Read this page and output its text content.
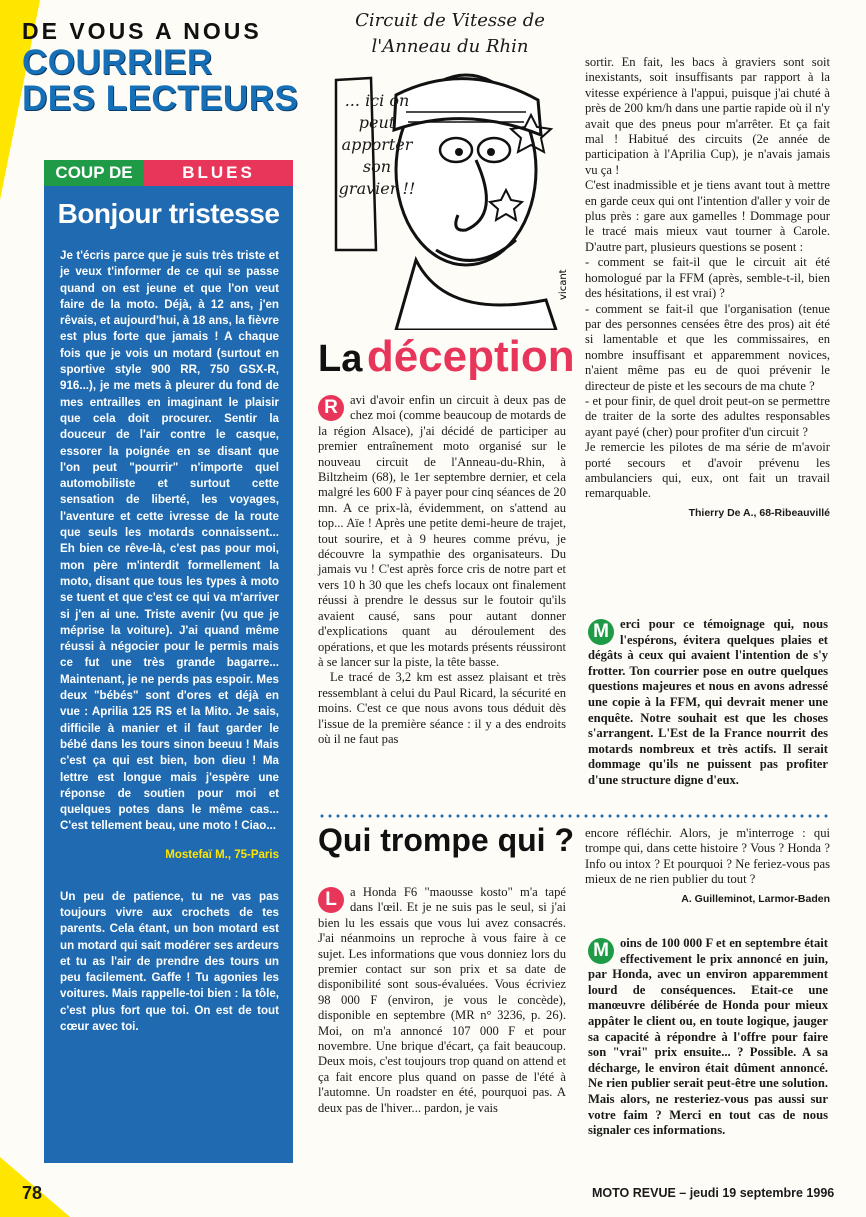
DE VOUS A NOUS
COURRIER
DES LECTEURS
COUP DE	BLUES
Bonjour tristesse
Je t'écris parce que je suis très triste et je veux t'informer de ce qui se passe quand on est jeune et que l'on veut faire de la moto. Déjà, à 12 ans, j'en rêvais, et aujourd'hui, à 18 ans, la fièvre est plus forte que jamais ! A chaque fois que je vois un motard (surtout en sportive style 900 RR, 750 GSX-R, 916...), je me mets à pleurer du fond de mes entrailles en imaginant le plaisir que cela doit procurer. Sentir la douceur de l'air contre le casque, essorer la poignée en se disant que l'on peut "pourrir" n'importe quel automobiliste et surtout cette sensation de liberté, les voyages, l'aventure et cette ivresse de la route que seuls les motards connaissent... Eh bien ce rêve-là, c'est pas pour moi, mon père m'interdit formellement la moto, disant que tous les types à moto se tuent et que c'est ce qui va m'arriver si j'en ai une. Triste avenir (vu que je méprise la voiture). J'ai quand même réussi à négocier pour le permis mais ce fut une très grande bagarre... Maintenant, je ne perds pas espoir. Mes deux "bébés" sont d'ores et déjà en vue : Aprilia 125 RS et la Mito. Je sais, difficile à manier et il faut garder le bébé dans les tours sinon beeuu ! Mais c'est ça qui est bien, bon dieu ! Ma lettre est longue mais j'espère une réponse de soutien pour moi et quelques potes dans le même cas... C'est tellement beau, une moto ! Ciao...
Mostefaï M., 75-Paris
Un peu de patience, tu ne vas pas toujours vivre aux crochets de tes parents. Cela étant, un bon motard est un motard qui sait modérer ses ardeurs et tu as l'air de prendre des tours un peu facilement. Gaffe ! Tu agonies les voitures. Mais rappelle-toi bien : la tôle, c'est plus fort que toi. On est de tout cœur avec toi.
vicant
Circuit de Vitesse de l'Anneau du Rhin
... ici on peut apporter son gravier !!
La déception
R avi d'avoir enfin un circuit à deux pas de chez moi (comme beaucoup de motards de la région Alsace), j'ai décidé de participer au premier entraînement moto organisé sur le nouveau circuit de l'Anneau-du-Rhin, à Biltzheim (68), le 1er septembre dernier, et cela malgré les 600 F à payer pour cinq séances de 20 mn. A ce prix-là, évidemment, on s'attend au top... Aïe ! Après une petite demi-heure de trajet, tout sourire, et à 9 heures comme prévu, je découvre la sympathie des organisateurs. Du jamais vu ! C'est après force cris de notre part et vers 10 h 30 que les chefs locaux ont finalement réussi à prendre le dessus sur le foutoir qu'ils avaient causé, sans pour autant donner d'explications quant au déroulement des opérations, et que les motards présents réussiront à se lancer sur la piste, la tête basse.
Le tracé de 3,2 km est assez plaisant et très ressemblant à celui du Paul Ricard, la sécurité en moins. C'est ce que nous avons tous déduit dès l'issue de la première séance : il y a des endroits où il ne faut pas
sortir. En fait, les bacs à graviers sont soit inexistants, soit insuffisants par rapport à la vitesse expérience à l'appui, puisque j'ai chuté à près de 200 km/h dans une partie rapide où il n'y avait que des pneus pour m'arrêter. Et ça fait mal ! Habitué des circuits (2e année de participation à l'Aprilia Cup), je n'avais jamais vu ça !
C'est inadmissible et je tiens avant tout à mettre en garde ceux qui ont l'intention d'aller y voir de plus près : gare aux gamelles ! Dommage pour le tracé mais mieux vaut tourner à Carole. D'autre part, plusieurs questions se posent :
- comment se fait-il que le circuit ait été homologué par la FFM (après, semble-t-il, bien des hésitations, il est vrai) ?
- comment se fait-il que l'organisation (tenue par des personnes censées être des pros) ait été si lamentable et que les commissaires, en nombre insuffisant et apparemment novices, n'aient même pas eu de quoi prévenir le directeur de piste et les secours de ma chute ?
- et pour finir, de quel droit peut-on se permettre de traiter de la sorte des adultes responsables ayant payé (cher) pour profiter d'un circuit ?
Je remercie les pilotes de ma série de m'avoir porté secours et d'avoir prévenu les ambulanciers qui, eux, ont fait un travail remarquable.
Thierry De A., 68-Ribeauvillé
M erci pour ce témoignage qui, nous l'espérons, évitera quelques plaies et dégâts à ceux qui avaient l'intention de s'y frotter. Ton courrier pose en outre quelques questions majeures et nous en avons adressé une copie à la FFM, qui devrait mener une enquête. Notre souhait est que les choses s'arrangent. L'Est de la France nourrit des motards nombreux et très actifs. Il serait dommage qu'ils ne puissent pas profiter d'une structure digne d'eux.
Qui trompe qui ?
L	a Honda F6 "maousse kosto" m'a tapé dans l'œil. Et je ne suis pas le seul, si j'ai bien lu les essais que vous lui avez consacrés. J'ai néanmoins un reproche à vous faire à ce sujet. Les informations que vous donniez lors du premier contact sur son prix et sa date de disponibilité sont sous-évaluées. Vous écriviez 98 000 F (environ, je vous le concède), disponible en septembre (MR n° 3236, p. 26). Moi, on m'a annoncé 107 000 F et pour novembre. Une brique d'écart, ça fait beaucoup. Deux mois, c'est toujours trop quand on attend et ça fait encore plus quand on passe de l'été à l'automne. Un roadster en été, pourquoi pas. A deux pas de l'hiver... pardon, je vais
encore réfléchir. Alors, je m'interroge : qui trompe qui, dans cette histoire ? Vous ? Honda ? Info ou intox ? Et pourquoi ? Ne feriez-vous pas mieux de ne rien publier du tout ?
A. Guilleminot, Larmor-Baden
M oins de 100 000 F et en septembre était effectivement le prix annoncé en juin, par Honda, avec un environ apparemment lourd de conséquences. Etait-ce une manœuvre délibérée de Honda pour mieux appâter le client ou, en toute logique, jauger sa capacité à répondre à l'offre pour faire son "vrai" prix ensuite... ? Possible. A sa décharge, le environ était dûment annoncé. Ne rien publier serait peut-être une solution. Mais alors, ne resteriez-vous pas aussi sur votre faim ? Merci en tout cas de nous signaler ces informations.
78	MOTO REVUE – jeudi 19 septembre 1996
